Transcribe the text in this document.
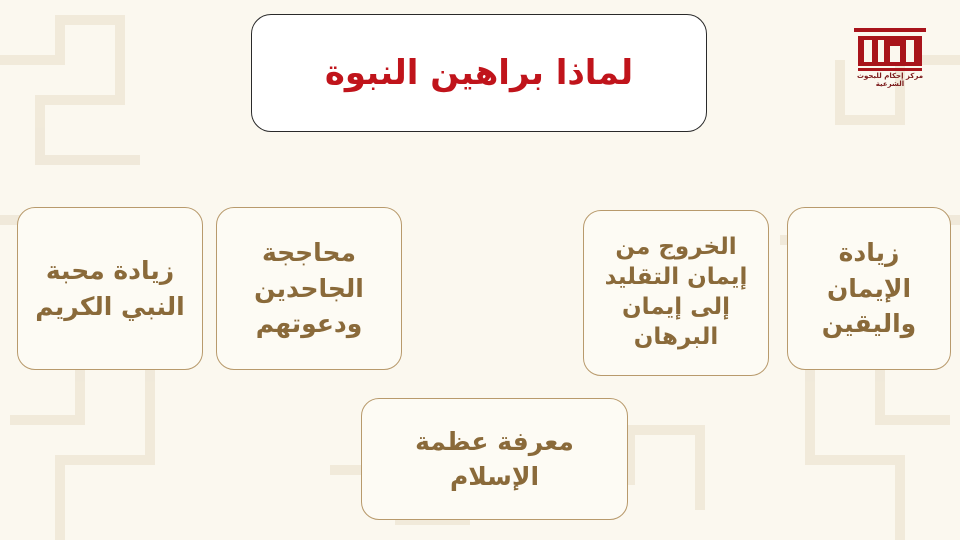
لماذا براهين النبوة
زيادة محبة
النبي الكريم
محاججة
الجاحدين
ودعوتهم
الخروج من
إيمان التقليد
إلى إيمان
البرهان
زيادة
الإيمان
واليقين
معرفة عظمة
الإسلام
مركز إحكام للبحوث الشرعية
